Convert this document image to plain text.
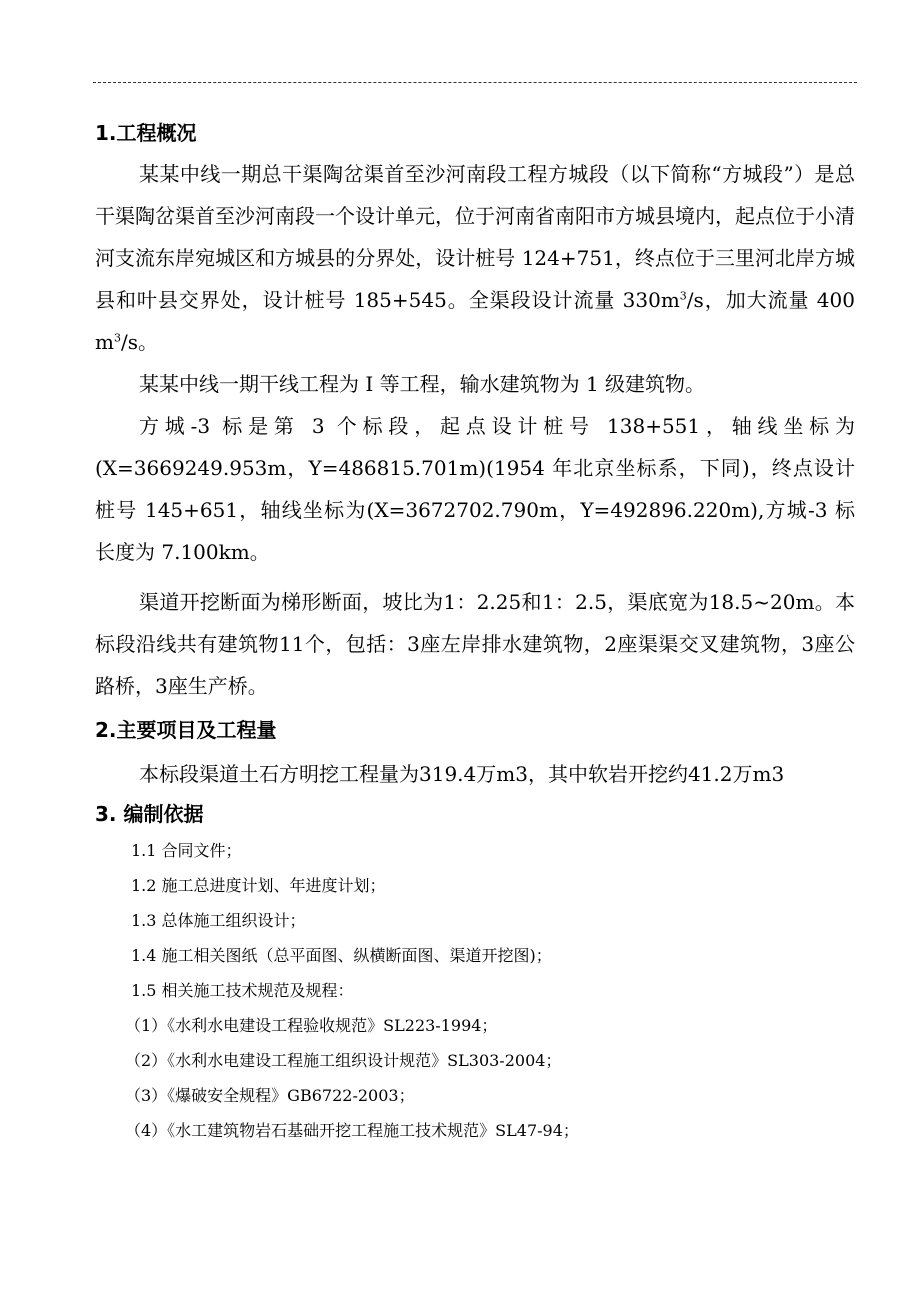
1.工程概况

某某中线一期总干渠陶岔渠首至沙河南段工程方城段（以下简称“方城段”）是总干渠陶岔渠首至沙河南段一个设计单元，位于河南省南阳市方城县境内，起点位于小清河支流东岸宛城区和方城县的分界处，设计桩号 124+751，终点位于三里河北岸方城县和叶县交界处，设计桩号 185+545。全渠段设计流量 $330m^3/s$，加大流量 400 $m^3/s$。

某某中线一期干线工程为 I 等工程，输水建筑物为 1 级建筑物。

方城-3 标是第 3 个标段，起点设计桩号 138+551，轴线坐标为(X=3669249.953m，Y=486815.701m)(1954 年北京坐标系，下同)，终点设计桩号 145+651，轴线坐标为(X=3672702.790m，Y=492896.220m),方城-3 标长度为 7.100km。

渠道开挖断面为梯形断面，坡比为1：2.25和1：2.5，渠底宽为18.5~20m。本标段沿线共有建筑物11个，包括：3座左岸排水建筑物，2座渠渠交叉建筑物，3座公路桥，3座生产桥。

2.主要项目及工程量

本标段渠道土石方明挖工程量为319.4万m3，其中软岩开挖约41.2万m3

3. 编制依据

1.1 合同文件；

1.2 施工总进度计划、年进度计划；

1.3 总体施工组织设计；

1.4 施工相关图纸（总平面图、纵横断面图、渠道开挖图)；

1.5 相关施工技术规范及规程：

（1）《水利水电建设工程验收规范》SL223-1994；

（2）《水利水电建设工程施工组织设计规范》SL303-2004；

（3）《爆破安全规程》GB6722-2003；

（4）《水工建筑物岩石基础开挖工程施工技术规范》SL47-94；
